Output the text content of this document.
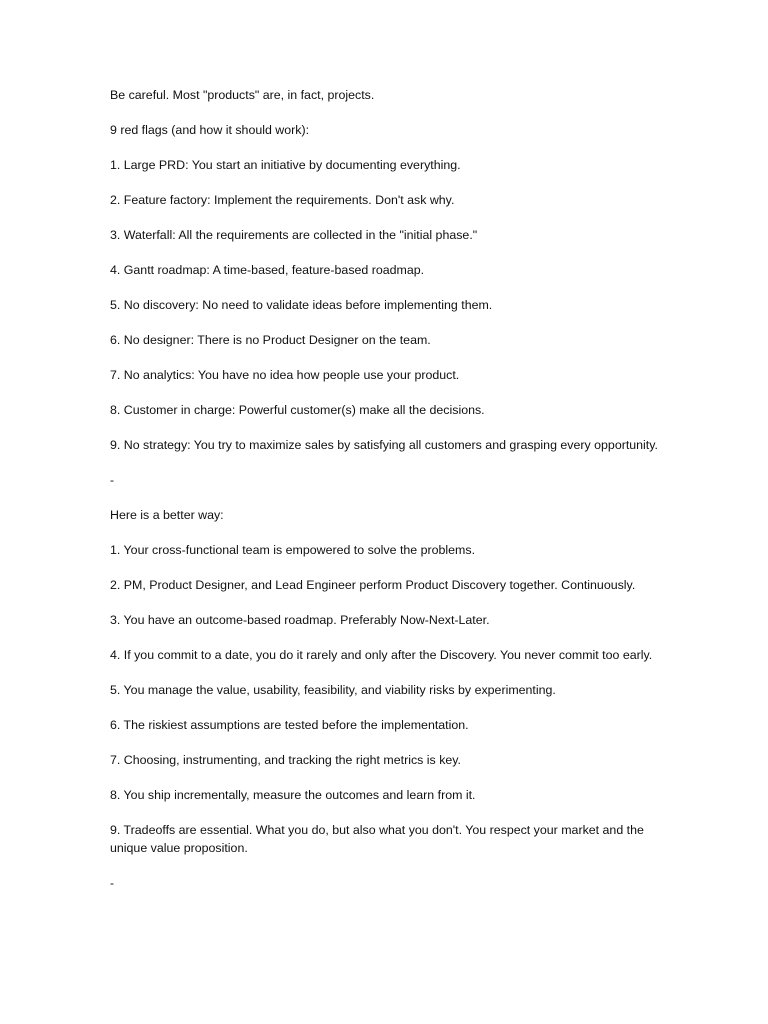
Be careful. Most "products" are, in fact, projects.

9 red flags (and how it should work):

1. Large PRD: You start an initiative by documenting everything.

2. Feature factory: Implement the requirements. Don't ask why.

3. Waterfall: All the requirements are collected in the "initial phase."

4. Gantt roadmap: A time-based, feature-based roadmap.

5. No discovery: No need to validate ideas before implementing them.

6. No designer: There is no Product Designer on the team.

7. No analytics: You have no idea how people use your product.

8. Customer in charge: Powerful customer(s) make all the decisions.

9. No strategy: You try to maximize sales by satisfying all customers and grasping every opportunity.

-

Here is a better way:

1. Your cross-functional team is empowered to solve the problems.

2. PM, Product Designer, and Lead Engineer perform Product Discovery together. Continuously.

3. You have an outcome-based roadmap. Preferably Now-Next-Later.

4. If you commit to a date, you do it rarely and only after the Discovery. You never commit too early.

5. You manage the value, usability, feasibility, and viability risks by experimenting.

6. The riskiest assumptions are tested before the implementation.

7. Choosing, instrumenting, and tracking the right metrics is key.

8. You ship incrementally, measure the outcomes and learn from it.

9. Tradeoffs are essential. What you do, but also what you don't. You respect your market and the unique value proposition.

-
